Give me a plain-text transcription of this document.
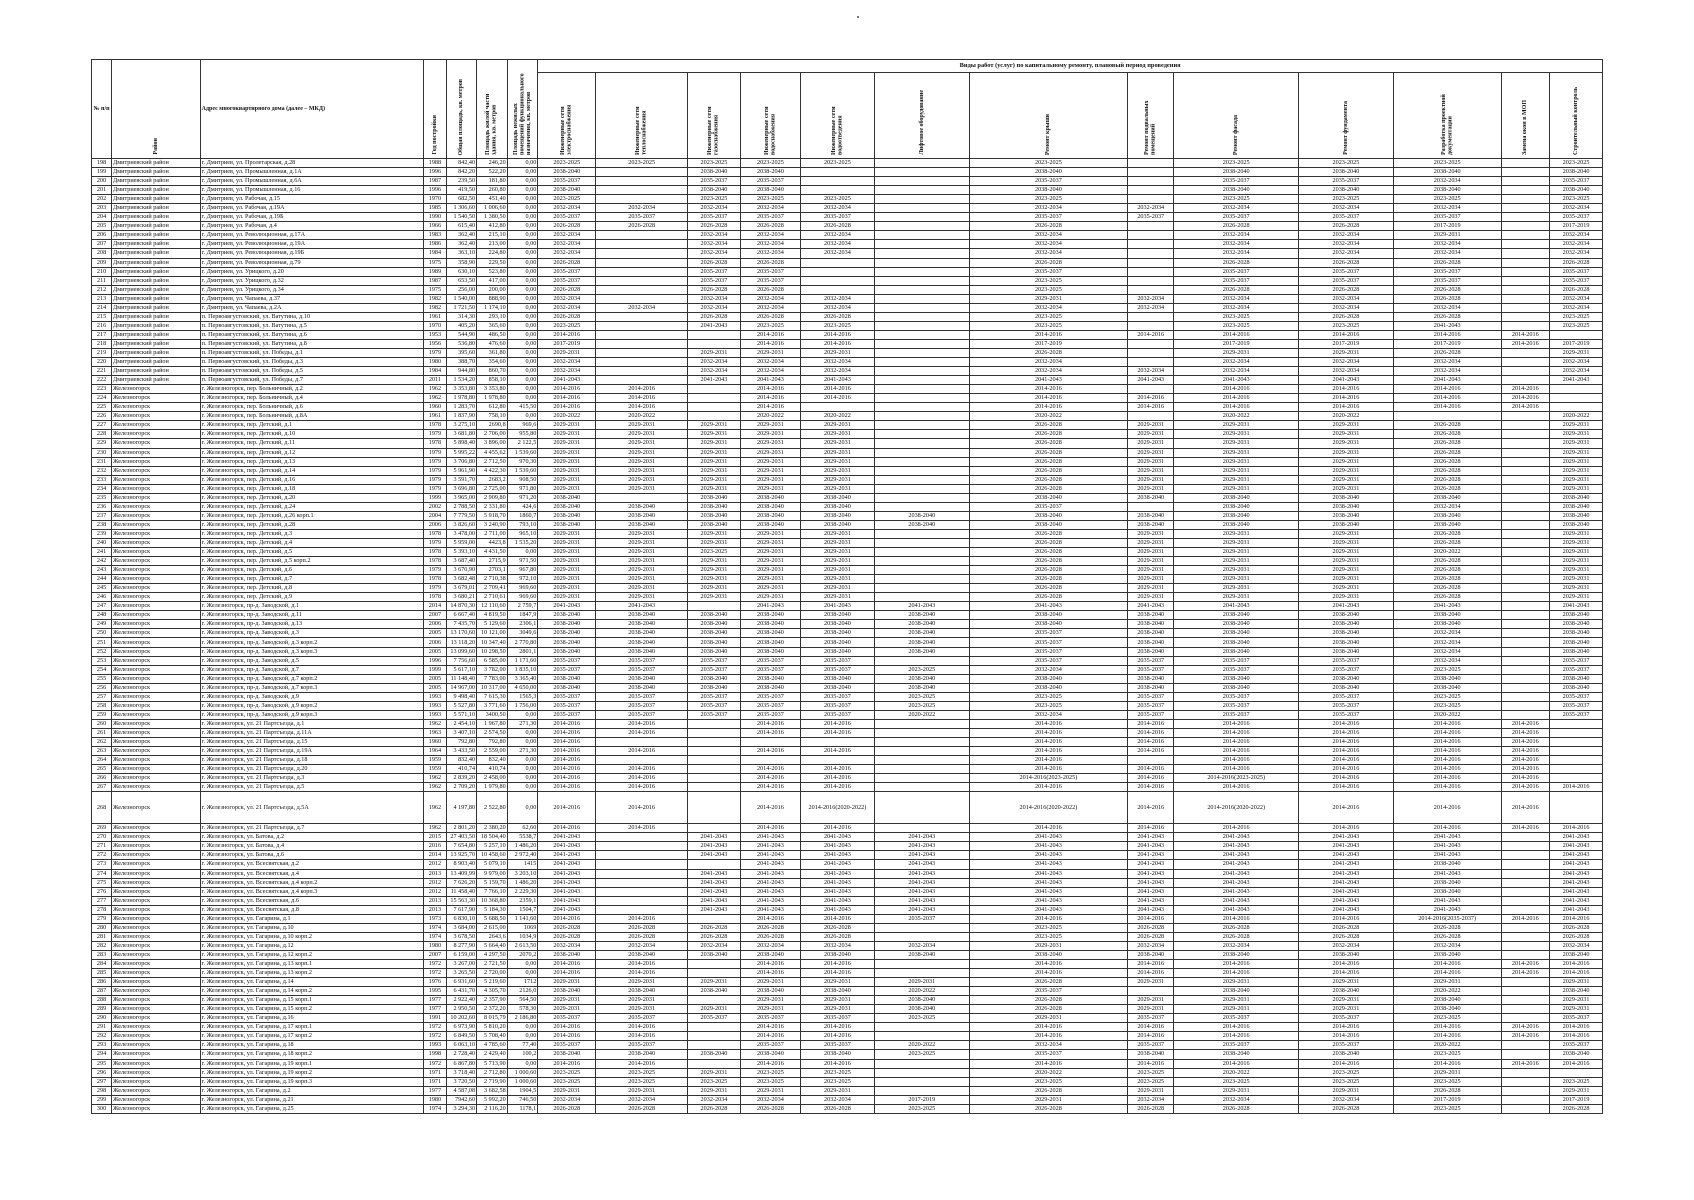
№ п/п	Район	Адрес многоквартирного дома (далее – МКД)	Год постройки	Общая площадь, кв. метров	Площадь жилой части здания, кв. метров	Площадь нежилых помещений функционального назначения, кв. метров	Виды работ (услуг) по капитальному ремонту, плановый период проведения												
							Инженерные сети электроснабжения	Инженерные сети теплоснабжения	Инженерные сети газоснабжения	Инженерные сети водоснабжения	Инженерные сети водоотведения	Лифтовое оборудование	Ремонт крыши	Ремонт подвальных помещений	Ремонт фасада	Ремонт фундамента	Разработка проектной документации	Замена окон в МОП	Строительный контроль
198	Дмитриевский район	г. Дмитриев, ул. Пролетарская, д.28	1988	842,40	246,20	0,00	2023-2025	2023-2025	2023-2025	2023-2025	2023-2025		2023-2025		2023-2025	2023-2025	2023-2025		2023-2025
199	Дмитриевский район	г. Дмитриев, ул. Промышленная, д.1А	1996	842,20	522,20	0,00	2038-2040		2038-2040	2038-2040			2038-2040		2038-2040	2038-2040	2038-2040		2038-2040
200	Дмитриевский район	г. Дмитриев, ул. Промышленная, д.6А	1987	239,50	181,80	0,00	2035-2037		2035-2037	2035-2037			2035-2037		2035-2037	2035-2037	2032-2034		2035-2037
201	Дмитриевский район	г. Дмитриев, ул. Промышленная, д.16	1996	419,50	260,80	0,00	2038-2040		2038-2040	2038-2040			2038-2040		2038-2040	2038-2040	2038-2040		2038-2040
202	Дмитриевский район	г. Дмитриев, ул. Рабочая, д.15	1970	682,50	451,40	0,00	2023-2025		2023-2025	2023-2025	2023-2025		2023-2025		2023-2025	2023-2025	2023-2025		2023-2025
203	Дмитриевский район	г. Дмитриев, ул. Рабочая, д.19А	1985	1 306,60	1 006,60	0,00	2032-2034	2032-2034	2032-2034	2032-2034	2032-2034		2032-2034	2032-2034	2032-2034	2032-2034	2032-2034		2032-2034
204	Дмитриевский район	г. Дмитриев, ул. Рабочая, д.19Б	1990	1 540,50	1 380,50	0,00	2035-2037	2035-2037	2035-2037	2035-2037	2035-2037		2035-2037	2035-2037	2035-2037	2035-2037	2035-2037		2035-2037
205	Дмитриевский район	г. Дмитриев, ул. Рабочая, д.4	1966	615,40	412,80	0,00	2026-2028	2026-2028	2026-2028	2026-2028	2026-2028		2026-2028		2026-2028	2026-2028	2017-2019		2017-2019
206	Дмитриевский район	г. Дмитриев, ул. Революционная, д.17А	1983	362,40	215,10	0,00	2032-2034		2032-2034	2032-2034	2032-2034		2032-2034		2032-2034	2032-2034	2029-2031		2032-2034
207	Дмитриевский район	г. Дмитриев, ул. Революционная, д.19А	1986	362,40	213,00	0,00	2032-2034		2032-2034	2032-2034	2032-2034		2032-2034		2032-2034	2032-2034	2032-2034		2032-2034
208	Дмитриевский район	г. Дмитриев, ул. Революционная, д.19Б	1984	363,10	224,80	0,00	2032-2034		2032-2034	2032-2034	2032-2034		2032-2034		2032-2034	2032-2034	2032-2034		2032-2034
209	Дмитриевский район	г. Дмитриев, ул. Революционная, д.79	1975	358,90	229,50	0,00	2026-2028		2026-2028	2026-2028			2026-2028		2026-2028	2026-2028	2026-2028		2026-2028
210	Дмитриевский район	г. Дмитриев, ул. Урицкого, д.20	1989	630,10	523,80	0,00	2035-2037		2035-2037	2035-2037			2035-2037		2035-2037	2035-2037	2035-2037		2035-2037
211	Дмитриевский район	г. Дмитриев, ул. Урицкого, д.32	1987	653,50	417,00	0,00	2035-2037		2035-2037	2035-2037			2023-2025		2035-2037	2035-2037	2035-2037		2035-2037
212	Дмитриевский район	г. Дмитриев, ул. Урицкого, д.34	1975	256,00	200,00	0,00	2026-2028		2026-2028	2026-2028			2023-2025		2026-2028	2026-2028	2026-2028		2026-2028
213	Дмитриевский район	г. Дмитриев, ул. Чапаева, д.37	1982	1 540,00	888,90	0,00	2032-2034		2032-2034	2032-2034	2032-2034		2029-2031	2032-2034	2032-2034	2032-2034	2026-2028		2032-2034
214	Дмитриевский район	г. Дмитриев, ул. Чапаева, д.2А	1982	1 721,50	1 174,10	0,00	2032-2034	2032-2034	2032-2034	2032-2034	2032-2034		2032-2034	2032-2034	2032-2034	2032-2034	2032-2034		2032-2034
215	Дмитриевский район	п. Первоавгустовский, ул. Ватутина, д.10	1961	314,30	293,10	0,00	2026-2028		2026-2028	2026-2028	2026-2028		2023-2025		2023-2025	2026-2028	2026-2028		2023-2025
216	Дмитриевский район	п. Первоавгустовский, ул. Ватутина, д.5	1970	405,20	365,60	0,00	2023-2025		2041-2043	2023-2025	2023-2025		2023-2025		2023-2025	2023-2025	2041-2043		2023-2025
217	Дмитриевский район	п. Первоавгустовский, ул. Ватутина, д.6	1953	544,90	486,50	0,00	2014-2016			2014-2016	2014-2016		2014-2016	2014-2016	2014-2016	2014-2016	2014-2016	2014-2016	
218	Дмитриевский район	п. Первоавгустовский, ул. Ватутина, д.8	1956	536,80	476,60	0,00	2017-2019			2014-2016	2014-2016		2017-2019		2017-2019	2017-2019	2017-2019	2014-2016	2017-2019
219	Дмитриевский район	п. Первоавгустовский, ул. Победы, д.1	1979	395,60	361,80	0,00	2029-2031		2029-2031	2029-2031	2029-2031		2026-2028		2029-2031	2029-2031	2026-2028		2029-2031
220	Дмитриевский район	п. Первоавгустовский, ул. Победы, д.3	1980	388,70	354,60	0,00	2032-2034		2032-2034	2032-2034	2032-2034		2032-2034		2032-2034	2032-2034	2032-2034		2032-2034
221	Дмитриевский район	п. Первоавгустовский, ул. Победы, д.5	1984	944,80	860,70	0,00	2032-2034		2032-2034	2032-2034	2032-2034		2032-2034	2032-2034	2032-2034	2032-2034	2032-2034		2032-2034
222	Дмитриевский район	п. Первоавгустовский, ул. Победы, д.7	2011	1 534,20	858,10	0,00	2041-2043		2041-2043	2041-2043	2041-2043		2041-2043	2041-2043	2041-2043	2041-2043	2041-2043		2041-2043
223	Железногорск	г. Железногорск, пер. Больничный, д.2	1962	3 353,80	3 353,80	0,00	2014-2016	2014-2016		2014-2016	2014-2016		2014-2016		2014-2016	2014-2016	2014-2016	2014-2016	
224	Железногорск	г. Железногорск, пер. Больничный, д.4	1962	1 978,80	1 978,80	0,00	2014-2016	2014-2016		2014-2016	2014-2016		2014-2016	2014-2016	2014-2016	2014-2016	2014-2016	2014-2016	
225	Железногорск	г. Железногорск, пер. Больничный, д.6	1960	1 283,70	612,80	415,50	2014-2016	2014-2016		2014-2016			2014-2016	2014-2016	2014-2016	2014-2016	2014-2016	2014-2016	
226	Железногорск	г. Железногорск, пер. Больничный, д.8А	1961	1 837,90	758,10	0,00	2020-2022	2020-2022		2020-2022	2020-2022		2020-2022		2020-2022	2020-2022			2020-2022
227	Железногорск	г. Железногорск, пер. Детский, д.1	1978	3 275,10	2690,8	969,6	2029-2031	2029-2031	2029-2031	2029-2031	2029-2031		2026-2028	2029-2031	2029-2031	2029-2031	2026-2028		2029-2031
228	Железногорск	г. Железногорск, пер. Детский, д.10	1979	3 681,80	2 706,00	955,80	2029-2031	2029-2031	2029-2031	2029-2031	2029-2031		2026-2028	2029-2031	2029-2031	2029-2031	2026-2028		2029-2031
229	Железногорск	г. Железногорск, пер. Детский, д.11	1978	5 898,40	3 896,00	2 122,5	2029-2031	2029-2031	2029-2031	2029-2031	2029-2031		2026-2028	2029-2031	2029-2031	2029-2031	2026-2028		2029-2031
230	Железногорск	г. Железногорск, пер. Детский, д.12	1979	5 995,22	4 455,62	1 539,60	2029-2031	2029-2031	2029-2031	2029-2031	2029-2031		2026-2028	2029-2031	2029-2031	2029-2031	2026-2028		2029-2031
231	Железногорск	г. Железногорск, пер. Детский, д.13	1979	3 706,80	2 712,50	970,30	2029-2031	2029-2031	2029-2031	2029-2031	2029-2031		2026-2028	2029-2031	2029-2031	2029-2031	2026-2028		2029-2031
232	Железногорск	г. Железногорск, пер. Детский, д.14	1979	5 961,90	4 422,30	1 539,60	2029-2031	2029-2031	2029-2031	2029-2031	2029-2031		2026-2028	2029-2031	2029-2031	2029-2031	2026-2028		2029-2031
233	Железногорск	г. Железногорск, пер. Детский, д.16	1979	3 591,70	2683,2	908,50	2029-2031	2029-2031	2029-2031	2029-2031	2029-2031		2026-2028	2029-2031	2029-2031	2029-2031	2026-2028		2029-2031
234	Железногорск	г. Железногорск, пер. Детский, д.18	1979	3 696,80	2 725,00	971,80	2029-2031	2029-2031	2029-2031	2029-2031	2029-2031		2026-2028	2029-2031	2029-2031	2029-2031	2026-2028		2029-2031
235	Железногорск	г. Железногорск, пер. Детский, д.20	1999	3 965,00	2 909,80	971,20	2038-2040		2038-2040	2038-2040	2038-2040		2038-2040	2038-2040	2038-2040	2038-2040	2038-2040		2038-2040
236	Железногорск	г. Железногорск, пер. Детский, д.24	2002	2 788,50	2 331,80	424,6	2038-2040	2038-2040	2038-2040	2038-2040	2038-2040		2035-2037		2038-2040	2038-2040	2032-2034		2038-2040
237	Железногорск	г. Железногорск, пер. Детский, д.26 корп.1	2004	7 779,50	5 918,70	1860,7	2038-2040	2038-2040	2038-2040	2038-2040	2038-2040	2038-2040	2038-2040	2038-2040	2038-2040	2038-2040	2038-2040		2038-2040
238	Железногорск	г. Железногорск, пер. Детский, д.28	2006	3 826,60	3 240,90	793,10	2038-2040	2038-2040	2038-2040	2038-2040	2038-2040	2038-2040	2038-2040	2038-2040	2038-2040	2038-2040	2038-2040		2038-2040
239	Железногорск	г. Железногорск, пер. Детский, д.3	1978	3 478,00	2 711,00	965,10	2029-2031	2029-2031	2029-2031	2029-2031	2029-2031		2026-2028	2029-2031	2029-2031	2029-2031	2026-2028		2029-2031
240	Железногорск	г. Железногорск, пер. Детский, д.4	1979	5 959,00	4423,8	1 535,20	2029-2031	2029-2031	2029-2031	2029-2031	2029-2031		2026-2028	2029-2031	2029-2031	2029-2031	2026-2028		2029-2031
241	Железногорск	г. Железногорск, пер. Детский, д.5	1978	5 393,10	4 431,50	0,00	2029-2031	2029-2031	2023-2025	2029-2031	2029-2031		2026-2028	2029-2031	2029-2031	2029-2031	2020-2022		2029-2031
242	Железногорск	г. Железногорск, пер. Детский, д.5 корп.2	1978	3 687,40	2715,9	971,50	2029-2031	2029-2031	2029-2031	2029-2031	2029-2031		2026-2028	2029-2031	2029-2031	2029-2031	2026-2028		2029-2031
243	Железногорск	г. Железногорск, пер. Детский, д.6	1979	3 670,90	2703,1	967,80	2029-2031	2029-2031	2029-2031	2029-2031	2029-2031		2026-2028	2029-2031	2029-2031	2029-2031	2026-2028		2029-2031
244	Железногорск	г. Железногорск, пер. Детский, д.7	1978	3 682,48	2 710,38	972,10	2029-2031	2029-2031	2029-2031	2029-2031	2029-2031		2026-2028	2029-2031	2029-2031	2029-2031	2026-2028		2029-2031
245	Железногорск	г. Железногорск, пер. Детский, д.8	1979	3 679,01	2 709,41	969,60	2029-2031	2029-2031	2029-2031	2029-2031	2029-2031		2026-2028	2029-2031	2029-2031	2029-2031	2026-2028		2029-2031
246	Железногорск	г. Железногорск, пер. Детский, д.9	1978	3 680,21	2 710,61	969,60	2029-2031	2029-2031	2029-2031	2029-2031	2029-2031		2026-2028	2029-2031	2029-2031	2029-2031	2026-2028		2029-2031
247	Железногорск	г. Железногорск, пр-д. Заводской, д.1	2014	14 870,30	12 110,60	2 759,7	2041-2043	2041-2043		2041-2043	2041-2043	2041-2043	2041-2043	2041-2043	2041-2043	2041-2043	2041-2043		2041-2043
248	Железногорск	г. Железногорск, пр-д. Заводской, д.11	2007	6 667,40	4 819,50	1847,9	2038-2040	2038-2040	2038-2040	2038-2040	2038-2040	2038-2040	2038-2040	2038-2040	2038-2040	2038-2040	2038-2040		2038-2040
249	Железногорск	г. Железногорск, пр-д. Заводской, д.13	2006	7 435,70	5 129,60	2306,1	2038-2040	2038-2040	2038-2040	2038-2040	2038-2040	2038-2040	2038-2040	2038-2040	2038-2040	2038-2040	2038-2040		2038-2040
250	Железногорск	г. Железногорск, пр-д. Заводской, д.3	2005	13 170,60	10 121,00	3049,6	2038-2040	2038-2040	2038-2040	2038-2040	2038-2040	2038-2040	2035-2037	2038-2040	2038-2040	2038-2040	2032-2034		2038-2040
251	Железногорск	г. Железногорск, пр-д. Заводской, д.3 корп.2	2006	13 118,20	10 347,40	2 770,80	2038-2040	2038-2040	2038-2040	2038-2040	2038-2040	2038-2040	2035-2037	2038-2040	2038-2040	2038-2040	2032-2034		2038-2040
252	Железногорск	г. Железногорск, пр-д. Заводской, д.3 корп.3	2005	13 099,60	10 298,50	2801,1	2038-2040	2038-2040	2038-2040	2038-2040	2038-2040	2038-2040	2035-2037	2038-2040	2038-2040	2038-2040	2032-2034		2038-2040
253	Железногорск	г. Железногорск, пр-д. Заводской, д.5	1996	7 756,60	6 585,00	1 171,60	2035-2037	2035-2037	2035-2037	2035-2037	2035-2037		2035-2037	2035-2037	2035-2037	2035-2037	2032-2034		2035-2037
254	Железногорск	г. Железногорск, пр-д. Заводской, д.7	1999	5 617,10	3 782,00	1 835,10	2035-2037	2035-2037	2035-2037	2035-2037	2035-2037	2023-2025	2032-2034	2035-2037	2035-2037	2035-2037	2023-2025		2035-2037
255	Железногорск	г. Железногорск, пр-д. Заводской, д.7 корп.2	2005	11 148,40	7 783,00	3 365,40	2038-2040	2038-2040	2038-2040	2038-2040	2038-2040	2038-2040	2038-2040	2038-2040	2038-2040	2038-2040	2038-2040		2038-2040
256	Железногорск	г. Железногорск, пр-д. Заводской, д.7 корп.3	2005	14 967,00	10 317,00	4 650,00	2038-2040	2038-2040	2038-2040	2038-2040	2038-2040	2038-2040	2038-2040	2038-2040	2038-2040	2038-2040	2038-2040		2038-2040
257	Железногорск	г. Железногорск, пр-д. Заводской, д.9	1993	9 498,40	7 615,30	1565,3	2035-2037	2035-2037	2035-2037	2035-2037	2035-2037	2023-2025	2023-2025	2035-2037	2035-2037	2035-2037	2023-2025		2035-2037
258	Железногорск	г. Железногорск, пр-д. Заводской, д.9 корп.2	1993	5 527,80	3 771,60	1 756,00	2035-2037	2035-2037	2035-2037	2035-2037	2035-2037	2023-2025	2023-2025	2035-2037	2035-2037	2035-2037	2023-2025		2035-2037
259	Железногорск	г. Железногорск, пр-д. Заводской, д.9 корп.3	1993	5 571,10	3400,50	0,00	2035-2037	2035-2037	2035-2037	2035-2037	2035-2037	2020-2022	2032-2034	2035-2037	2035-2037	2035-2037	2020-2022		2035-2037
260	Железногорск	г. Железногорск, ул. 21 Партсъезда, д.1	1962	2 454,10	1 967,80	271,30	2014-2016	2014-2016		2014-2016	2014-2016		2014-2016	2014-2016	2014-2016	2014-2016	2014-2016	2014-2016	
261	Железногорск	г. Железногорск, ул. 21 Партсъезда, д.11А	1963	3 407,10	2 574,50	0,00	2014-2016	2014-2016		2014-2016	2014-2016		2014-2016	2014-2016	2014-2016	2014-2016	2014-2016	2014-2016	
262	Железногорск	г. Железногорск, ул. 21 Партсъезда, д.15	1960	792,80	792,80	0,00	2014-2016						2014-2016	2014-2016	2014-2016	2014-2016	2014-2016	2014-2016	
263	Железногорск	г. Железногорск, ул. 21 Партсъезда, д.19А	1964	3 433,50	2 559,00	271,30	2014-2016	2014-2016		2014-2016	2014-2016		2014-2016	2014-2016	2014-2016	2014-2016	2014-2016	2014-2016	
264	Железногорск	г. Железногорск, ул. 21 Партсъезда, д.18	1959	832,40	832,40	0,00	2014-2016						2014-2016		2014-2016	2014-2016	2014-2016	2014-2016	
265	Железногорск	г. Железногорск, ул. 21 Партсъезда, д.20	1959	410,74	410,74	0,00	2014-2016	2014-2016		2014-2016	2014-2016		2014-2016	2014-2016	2014-2016	2014-2016	2014-2016	2014-2016	
266	Железногорск	г. Железногорск, ул. 21 Партсъезда, д.3	1962	2 839,20	2 458,00	0,00	2014-2016	2014-2016		2014-2016	2014-2016		2014-2016(2023-2025)	2014-2016	2014-2016(2023-2025)	2014-2016	2014-2016	2014-2016	
267	Железногорск	г. Железногорск, ул. 21 Партсъезда, д.5	1962	2 709,20	1 979,80	0,00	2014-2016	2014-2016		2014-2016	2014-2016		2014-2016	2014-2016	2014-2016	2014-2016	2014-2016	2014-2016	2014-2016
268	Железногорск	г. Железногорск, ул. 21 Партсъезда, д.5А	1962	4 197,80	2 522,80	0,00	2014-2016	2014-2016		2014-2016	2014-2016(2020-2022)		2014-2016(2020-2022)	2014-2016	2014-2016(2020-2022)	2014-2016	2014-2016	2014-2016	
269	Железногорск	г. Железногорск, ул. 21 Партсъезда, д.7	1962	2 801,20	2 380,20	62,60	2014-2016	2014-2016		2014-2016	2014-2016		2014-2016	2014-2016	2014-2016	2014-2016	2014-2016	2014-2016	2014-2016
270	Железногорск	г. Железногорск, ул. Батова, д.2	2015	27 403,50	18 504,40	5538,7	2041-2043		2041-2043	2041-2043	2041-2043	2041-2043	2041-2043	2041-2043	2041-2043	2041-2043	2041-2043		2041-2043
271	Железногорск	г. Железногорск, ул. Батова, д.4	2016	7 654,80	5 257,10	1 486,20	2041-2043		2041-2043	2041-2043	2041-2043	2041-2043	2041-2043	2041-2043	2041-2043	2041-2043	2041-2043		2041-2043
272	Железногорск	г. Железногорск, ул. Батова, д.6	2014	13 925,70	10 458,60	2 972,40	2041-2043		2041-2043	2041-2043	2041-2043	2041-2043	2041-2043	2041-2043	2041-2043	2041-2043	2041-2043		2041-2043
273	Железногорск	г. Железногорск, ул. Всесвятская, д.2	2012	8 903,40	5 079,10	1415	2041-2043			2041-2043	2041-2043	2041-2043	2041-2043	2041-2043	2041-2043	2041-2043	2038-2040		2041-2043
274	Железногорск	г. Железногорск, ул. Всесвятская, д.4	2013	13 409,99	9 979,00	3 203,10	2041-2043		2041-2043	2041-2043	2041-2043	2041-2043	2041-2043	2041-2043	2041-2043	2041-2043	2041-2043		2041-2043
275	Железногорск	г. Железногорск, ул. Всесвятская, д.4 корп.2	2012	7 626,20	5 159,70	1 486,20	2041-2043		2041-2043	2041-2043	2041-2043	2041-2043	2041-2043	2041-2043	2041-2043	2041-2043	2038-2040		2041-2043
276	Железногорск	г. Железногорск, ул. Всесвятская, д.4 корп.3	2012	11 458,40	7 766,10	2 229,30	2041-2043		2041-2043	2041-2043	2041-2043	2041-2043	2041-2043	2041-2043	2041-2043	2041-2043	2038-2040		2041-2043
277	Железногорск	г. Железногорск, ул. Всесвятская, д.6	2013	15 563,30	10 368,80	2359,1	2041-2043		2041-2043	2041-2043	2041-2043	2041-2043	2041-2043	2041-2043	2041-2043	2041-2043	2041-2043		2041-2043
278	Железногорск	г. Железногорск, ул. Всесвятская, д.8	2013	7 617,90	5 184,30	1504,7	2041-2043		2041-2043	2041-2043	2041-2043	2041-2043	2041-2043	2041-2043	2041-2043	2041-2043	2041-2043		2041-2043
279	Железногорск	г. Железногорск, ул. Гагарина, д.1	1973	6 830,10	5 688,50	1 141,60	2014-2016	2014-2016		2014-2016	2014-2016	2035-2037	2014-2016	2014-2016	2014-2016	2014-2016	2014-2016(2035-2037)	2014-2016	2014-2016
280	Железногорск	г. Железногорск, ул. Гагарина, д.10	1974	3 684,00	2 615,00	1069	2026-2028	2026-2028	2026-2028	2026-2028	2026-2028		2023-2025	2026-2028	2026-2028	2026-2028	2026-2028		2026-2028
281	Железногорск	г. Железногорск, ул. Гагарина, д.10 корп.2	1974	3 678,50	2643,6	1034,9	2026-2028	2026-2028	2026-2028	2026-2028	2026-2028		2023-2025	2026-2028	2026-2028	2026-2028	2026-2028		2026-2028
282	Железногорск	г. Железногорск, ул. Гагарина, д.12	1980	8 277,90	5 664,40	2 613,50	2032-2034	2032-2034	2032-2034	2032-2034	2032-2034	2032-2034	2029-2031	2032-2034	2032-2034	2032-2034	2032-2034		2032-2034
283	Железногорск	г. Железногорск, ул. Гагарина, д.12 корп.2	2007	6 159,00	4 297,50	2070,2	2038-2040	2038-2040	2038-2040	2038-2040	2038-2040	2038-2040	2038-2040	2038-2040	2038-2040	2038-2040	2038-2040		2038-2040
284	Железногорск	г. Железногорск, ул. Гагарина, д.13 корп.1	1972	3 267,00	2 721,50	0,00	2014-2016	2014-2016		2014-2016	2014-2016		2014-2016	2014-2016	2014-2016	2014-2016	2014-2016	2014-2016	2014-2016
285	Железногорск	г. Железногорск, ул. Гагарина, д.13 корп.2	1972	3 265,50	2 720,00	0,00	2014-2016	2014-2016		2014-2016	2014-2016		2014-2016	2014-2016	2014-2016	2014-2016	2014-2016	2014-2016	2014-2016
286	Железногорск	г. Железногорск, ул. Гагарина, д.14	1976	6 931,60	5 219,60	1712	2029-2031	2029-2031	2029-2031	2029-2031	2029-2031	2029-2031	2026-2028	2029-2031	2029-2031	2029-2031	2029-2031		2029-2031
287	Железногорск	г. Железногорск, ул. Гагарина, д.14 корп.2	1995	6 431,70	4 305,70	2126,0	2038-2040	2038-2040	2038-2040	2038-2040	2038-2040	2020-2022	2035-2037		2038-2040	2038-2040	2020-2022		2038-2040
288	Железногорск	г. Железногорск, ул. Гагарина, д.15 корп.1	1977	2 922,40	2 357,90	564,50	2029-2031	2029-2031		2029-2031	2029-2031	2038-2040	2026-2028	2029-2031	2029-2031	2029-2031	2038-2040		2029-2031
289	Железногорск	г. Железногорск, ул. Гагарина, д.15 корп.2	1977	2 950,50	2 372,20	578,30	2029-2031	2029-2031	2029-2031	2029-2031	2029-2031	2038-2040	2026-2028	2029-2031	2029-2031	2029-2031	2038-2040		2029-2031
290	Железногорск	г. Железногорск, ул. Гагарина, д.16	1991	10 202,60	8 015,79	2 186,80	2035-2037	2035-2037	2035-2037	2035-2037	2035-2037	2023-2025	2029-2031	2035-2037	2035-2037	2035-2037	2023-2025		2035-2037
291	Железногорск	г. Железногорск, ул. Гагарина, д.17 корп.1	1972	6 973,90	5 810,20	0,00	2014-2016	2014-2016		2014-2016	2014-2016		2014-2016	2014-2016	2014-2016	2014-2016	2014-2016	2014-2016	2014-2016
292	Железногорск	г. Железногорск, ул. Гагарина, д.17 корп.2	1972	6 849,50	5 708,40	0,00	2014-2016	2014-2016		2014-2016	2014-2016		2014-2016	2014-2016	2014-2016	2014-2016	2014-2016	2014-2016	2014-2016
293	Железногорск	г. Железногорск, ул. Гагарина, д.18	1993	6 063,10	4 785,60	77,40	2035-2037	2035-2037		2035-2037	2035-2037	2020-2022	2032-2034	2035-2037	2035-2037	2035-2037	2020-2022		2035-2037
294	Железногорск	г. Железногорск, ул. Гагарина, д.18 корп.2	1998	2 728,40	2 429,40	100,2	2038-2040	2038-2040	2038-2040	2038-2040	2038-2040	2023-2025	2035-2037	2038-2040	2038-2040	2038-2040	2023-2025		2038-2040
295	Железногорск	г. Железногорск, ул. Гагарина, д.19 корп.1	1972	6 867,80	5 713,90	0,00	2014-2016	2014-2016		2014-2016	2014-2016		2014-2016	2014-2016	2014-2016	2014-2016	2014-2016	2014-2016	2014-2016
296	Железногорск	г. Железногорск, ул. Гагарина, д.19 корп.2	1971	3 718,40	2 712,80	1 000,60	2023-2025	2023-2025	2029-2031	2023-2025	2023-2025		2020-2022	2023-2025	2020-2022	2023-2025	2029-2031		
297	Железногорск	г. Железногорск, ул. Гагарина, д.19 корп.3	1971	3 720,50	2 719,90	1 000,60	2023-2025	2023-2025	2023-2025	2023-2025	2023-2025		2023-2025	2023-2025	2023-2025	2023-2025	2023-2025		2023-2025
298	Железногорск	г. Железногорск, ул. Гагарина, д.2	1977	4 587,08	3 682,58	1904,5	2029-2031	2029-2031	2029-2031	2029-2031	2029-2031		2026-2028	2029-2031	2029-2031	2029-2031	2026-2028		2029-2031
299	Железногорск	г. Железногорск, ул. Гагарина, д.21	1980	7942,60	5 992,20	746,50	2032-2034	2032-2034	2032-2034	2032-2034	2032-2034	2017-2019	2029-2031	2032-2034	2032-2034	2032-2034	2017-2019		2017-2019
300	Железногорск	г. Железногорск, ул. Гагарина, д.25	1974	3 294,30	2 116,20	1178,1	2026-2028	2026-2028	2026-2028	2026-2028	2026-2028	2023-2025	2026-2028	2026-2028	2026-2028	2026-2028	2023-2025		2026-2028
